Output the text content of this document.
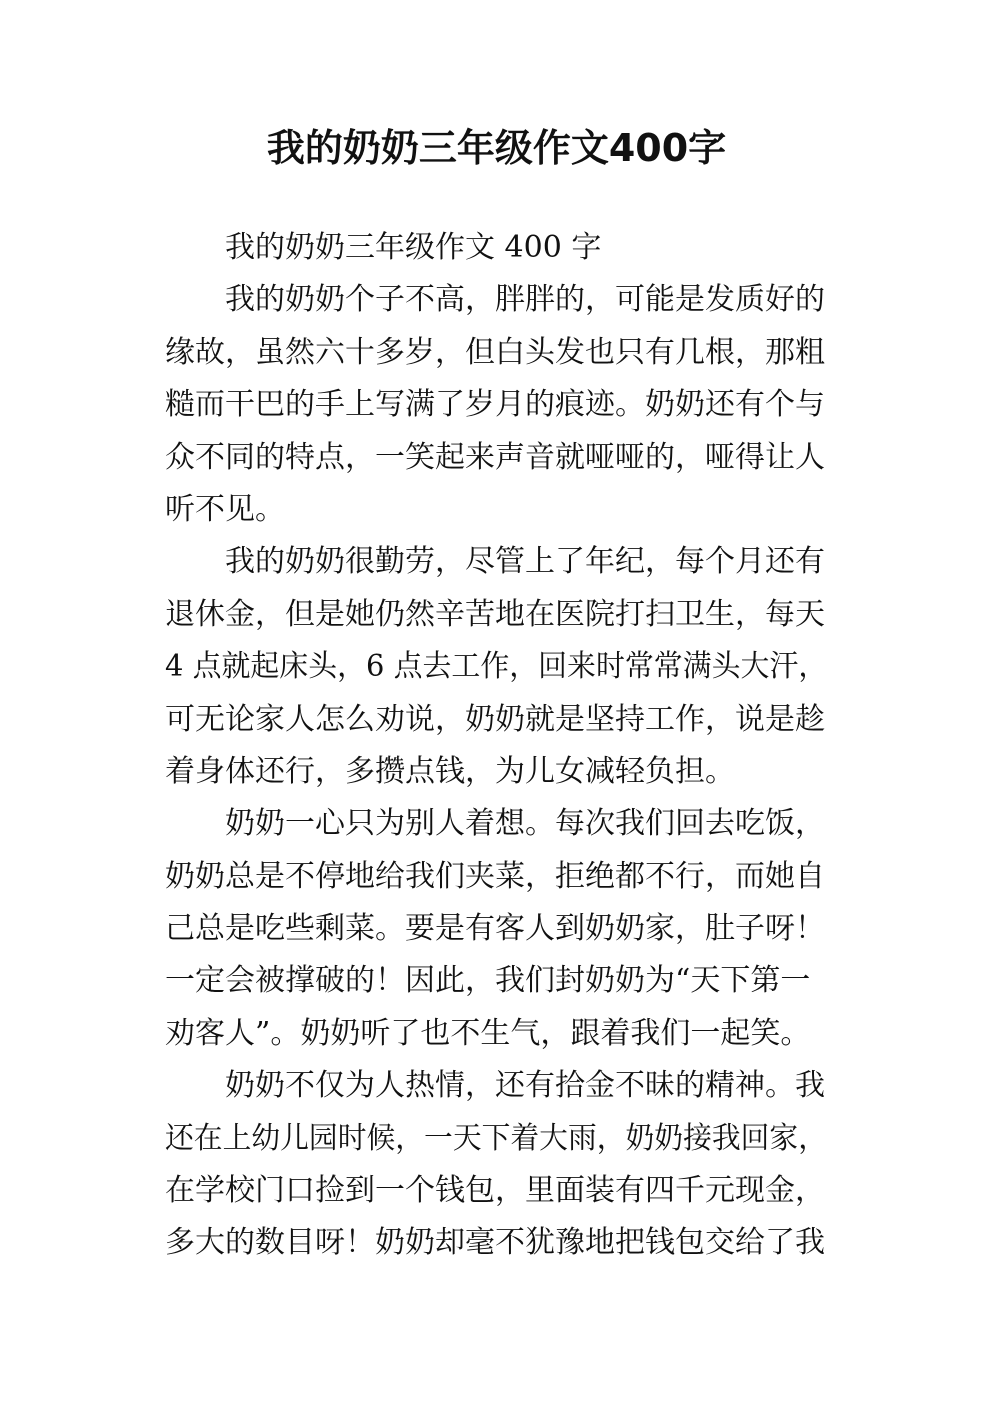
我的奶奶三年级作文400字
我的奶奶三年级作文 400 字
我的奶奶个子不高，胖胖的，可能是发质好的
缘故，虽然六十多岁，但白头发也只有几根，那粗
糙而干巴的手上写满了岁月的痕迹。奶奶还有个与
众不同的特点，一笑起来声音就哑哑的，哑得让人
听不见。
我的奶奶很勤劳，尽管上了年纪，每个月还有
退休金，但是她仍然辛苦地在医院打扫卫生，每天
4 点就起床头，6 点去工作，回来时常常满头大汗，
可无论家人怎么劝说，奶奶就是坚持工作，说是趁
着身体还行，多攒点钱，为儿女减轻负担。
奶奶一心只为别人着想。每次我们回去吃饭，
奶奶总是不停地给我们夹菜，拒绝都不行，而她自
己总是吃些剩菜。要是有客人到奶奶家，肚子呀！
一定会被撑破的！因此，我们封奶奶为“天下第一
劝客人”。奶奶听了也不生气，跟着我们一起笑。
奶奶不仅为人热情，还有拾金不昧的精神。我
还在上幼儿园时候，一天下着大雨，奶奶接我回家，
在学校门口捡到一个钱包，里面装有四千元现金，
多大的数目呀！奶奶却毫不犹豫地把钱包交给了我
